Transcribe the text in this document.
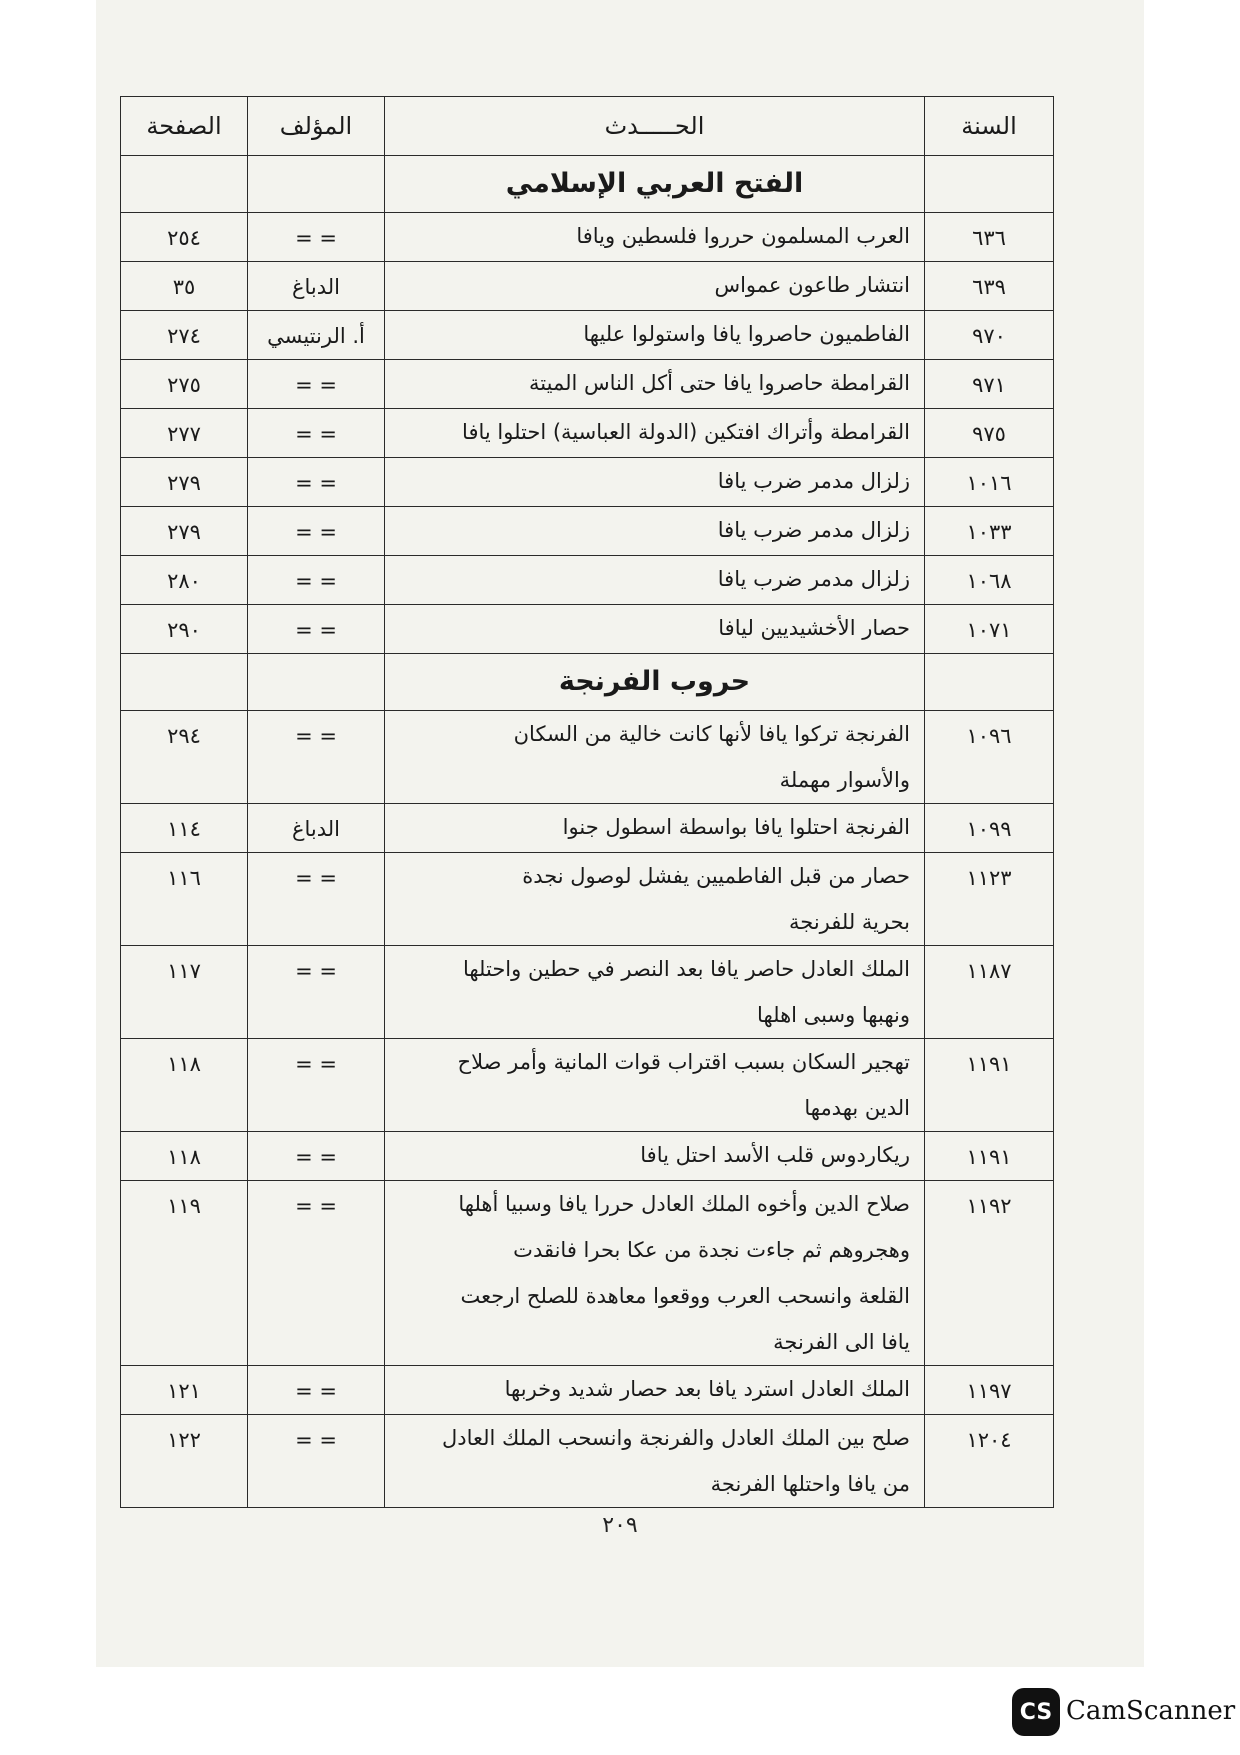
السنة	الحـــــدث	المؤلف	الصفحة

	الفتح العربي الإسلامي		

٦٣٦	العرب المسلمون حرروا فلسطين ويافا	= =	٢٥٤
٦٣٩	انتشار طاعون عمواس	الدباغ	٣٥
٩٧٠	الفاطميون حاصروا يافا واستولوا عليها	أ. الرنتيسي	٢٧٤
٩٧١	القرامطة حاصروا يافا حتى أكل الناس الميتة	= =	٢٧٥
٩٧٥	القرامطة وأتراك افتكين (الدولة العباسية) احتلوا يافا	= =	٢٧٧
١٠١٦	زلزال مدمر ضرب يافا	= =	٢٧٩
١٠٣٣	زلزال مدمر ضرب يافا	= =	٢٧٩
١٠٦٨	زلزال مدمر ضرب يافا	= =	٢٨٠
١٠٧١	حصار الأخشيديين ليافا	= =	٢٩٠

	حروب الفرنجة		

١٠٩٦	الفرنجة تركوا يافا لأنها كانت خالية من السكان
والأسوار مهملة	= =	٢٩٤
١٠٩٩	الفرنجة احتلوا يافا بواسطة اسطول جنوا	الدباغ	١١٤
١١٢٣	حصار من قبل الفاطميين يفشل لوصول نجدة
بحرية للفرنجة	= =	١١٦
١١٨٧	الملك العادل حاصر يافا بعد النصر في حطين واحتلها
ونهبها وسبى اهلها	= =	١١٧
١١٩١	تهجير السكان بسبب اقتراب قوات المانية وأمر صلاح
الدين بهدمها	= =	١١٨
١١٩١	ريكاردوس قلب الأسد احتل يافا	= =	١١٨
١١٩٢	صلاح الدين وأخوه الملك العادل حررا يافا وسبيا أهلها
وهجروهم ثم جاءت نجدة من عكا بحرا فانقدت
القلعة وانسحب العرب ووقعوا معاهدة للصلح ارجعت
يافا الى الفرنجة	= =	١١٩
١١٩٧	الملك العادل استرد يافا بعد حصار شديد وخربها	= =	١٢١
١٢٠٤	صلح بين الملك العادل والفرنجة وانسحب الملك العادل
من يافا واحتلها الفرنجة	= =	١٢٢
٢٠٩
CS CamScanner
